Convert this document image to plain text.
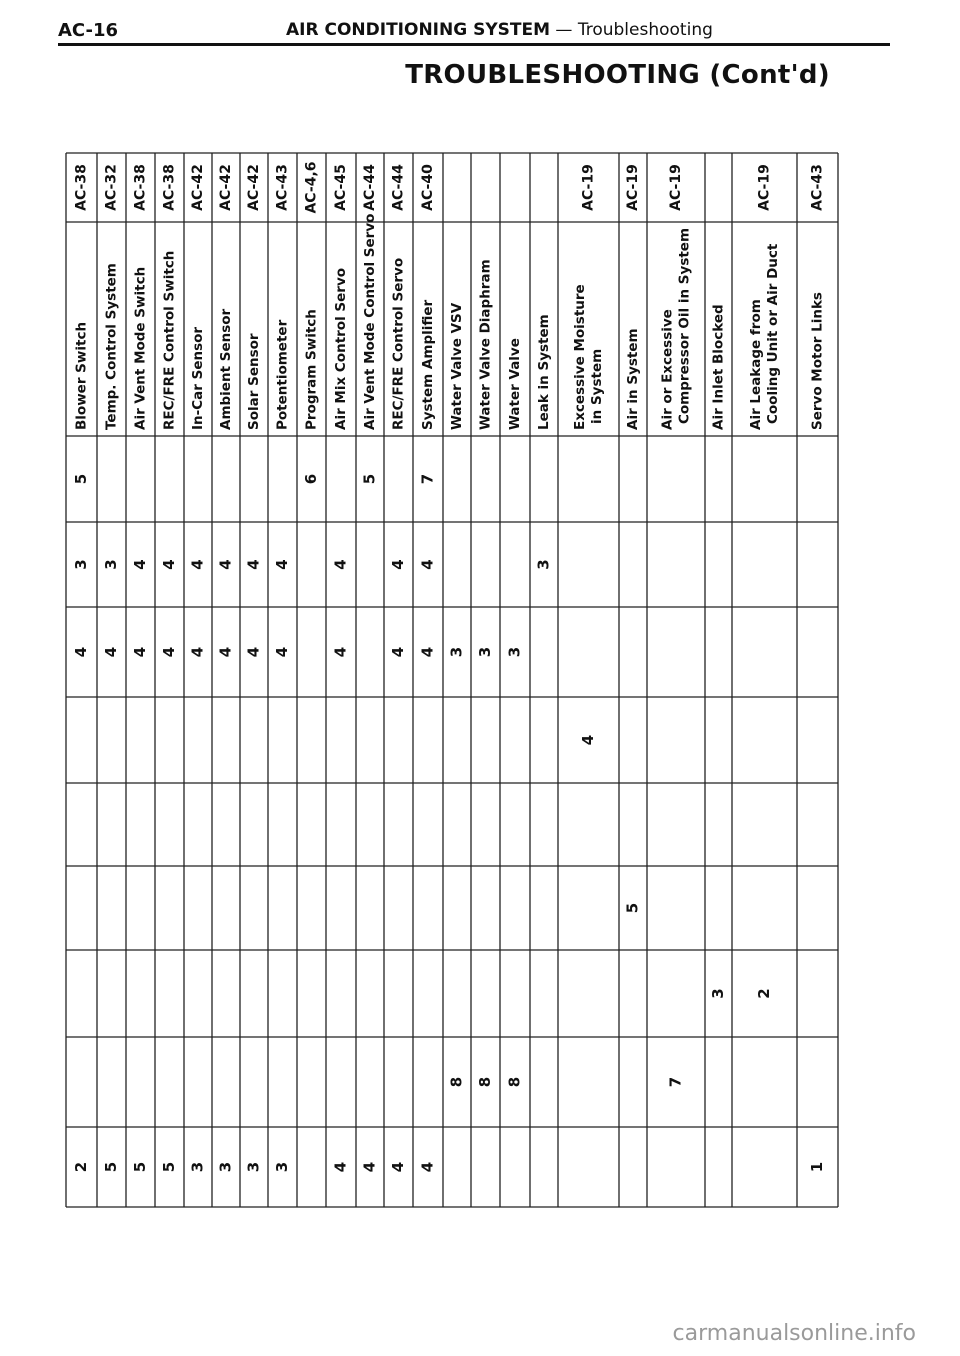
AC-16	AIR CONDITIONING SYSTEM — Troubleshooting
TROUBLESHOOTING (Cont'd)
AC-38
Blower Switch
5
3
4
2
AC-32
Temp. Control System
3
4
5
AC-38
Air Vent Mode Switch
4
4
5
AC-38
REC/FRE Control Switch
4
4
5
AC-42
In-Car Sensor
4
4
3
AC-42
Ambient Sensor
4
4
3
AC-42
Solar Sensor
4
4
3
AC-43
Potentiometer
4
4
3
AC-4,6
Program Switch
6
AC-45
Air Mix Control Servo
4
4
4
AC-44
Air Vent Mode Control Servo
5
4
AC-44
REC/FRE Control Servo
4
4
4
AC-40
System Amplifier
7
4
4
4
Water Valve VSV
3
8
Water Valve Diaphram
3
8
Water Valve
3
8
Leak in System
3
AC-19
Excessive Moisture in System
4
AC-19
Air in System
5
AC-19
Air or Excessive Compressor Oil in System
7
Air Inlet Blocked
3
AC-19
Air Leakage from Cooling Unit or Air Duct
2
AC-43
Servo Motor Links
1
carmanualsonline.info
